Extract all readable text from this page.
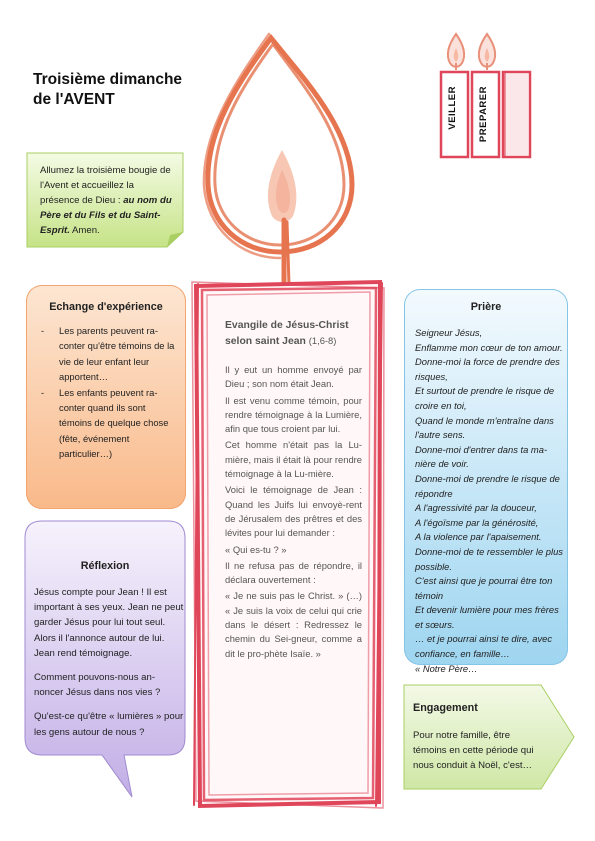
Troisième dimanche
de l'AVENT	VEILLER PREPARER
Allumez la troisième bougie de l'Avent et accueillez la présence de Dieu : au nom du Père et du Fils et du Saint-Esprit. Amen.
Evangile de Jésus-Christ selon saint Jean (1,6-8)

Il y eut un homme envoyé par Dieu ; son nom était Jean.

Il est venu comme témoin, pour rendre témoignage à la Lumière, afin que tous croient par lui.

Cet homme n'était pas la Lu-mière, mais il était là pour rendre témoignage à la Lu-mière.

Voici le témoignage de Jean : Quand les Juifs lui envoyè-rent de Jérusalem des prêtres et des lévites pour lui demander :

« Qui es-tu ? »

Il ne refusa pas de répondre, il déclara ouvertement :

« Je ne suis pas le Christ. » (…) « Je suis la voix de celui qui crie dans le désert : Redressez le chemin du Sei-gneur, comme a dit le pro-phète Isaïe. »

Echange d'expérience
- Les parents peuvent ra-conter qu'être témoins de la vie de leur enfant leur apportent…
- Les enfants peuvent ra-conter quand ils sont témoins de quelque chose (fête, événement particulier…)
Réflexion

Jésus compte pour Jean ! Il est important à ses yeux. Jean ne peut garder Jésus pour lui tout seul. Alors il l'annonce autour de lui. Jean rend témoignage.

Comment pouvons-nous an-noncer Jésus dans nos vies ?

Qu'est-ce qu'être « lumières » pour les gens autour de nous ?

Prière
Seigneur Jésus,
Enflamme mon cœur de ton amour.
Donne-moi la force de prendre des risques,
Et surtout de prendre le risque de croire en toi,
Quand le monde m'entraîne dans l'autre sens.
Donne-moi d'entrer dans ta ma-nière de voir.
Donne-moi de prendre le risque de répondre
A l'agressivité par la douceur,
A l'égoïsme par la générosité,
A la violence par l'apaisement.
Donne-moi de te ressembler le plus possible.
C'est ainsi que je pourrai être ton témoin
Et devenir lumière pour mes frères et sœurs.
… et je pourrai ainsi te dire, avec confiance, en famille…
« Notre Père…
Engagement
Pour notre famille, être témoins en cette période qui nous conduit à Noël, c'est…
